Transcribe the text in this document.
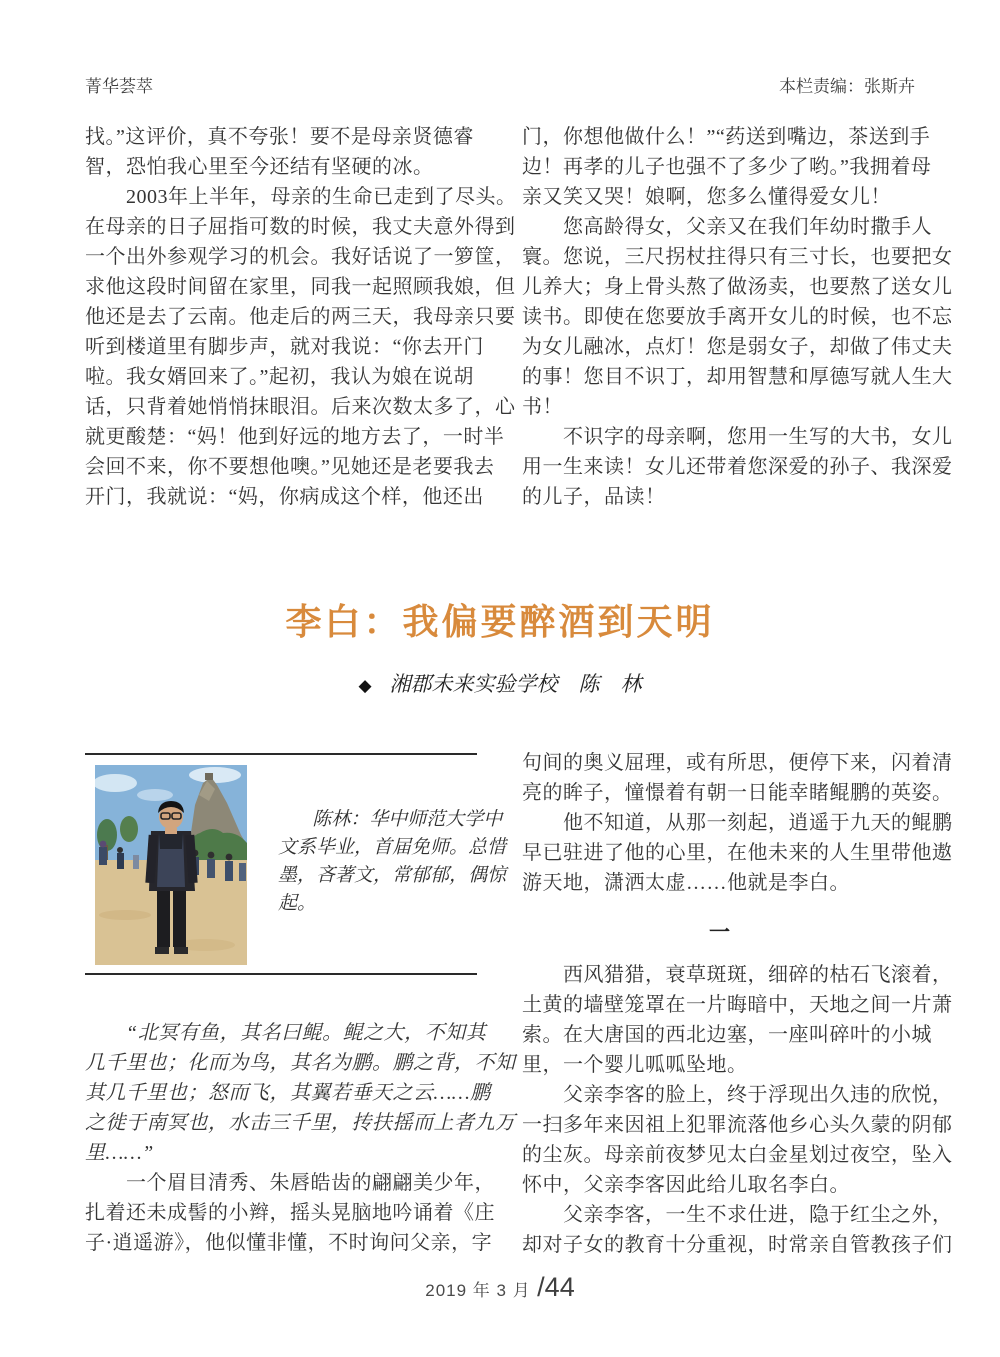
菁华荟萃	本栏责编：张斯卉
找。”这评价，真不夸张！要不是母亲贤德睿
智，恐怕我心里至今还结有坚硬的冰。
　　2003年上半年，母亲的生命已走到了尽头。
在母亲的日子屈指可数的时候，我丈夫意外得到
一个出外参观学习的机会。我好话说了一箩筐，
求他这段时间留在家里，同我一起照顾我娘，但
他还是去了云南。他走后的两三天，我母亲只要
听到楼道里有脚步声，就对我说：“你去开门
啦。我女婿回来了。”起初，我认为娘在说胡
话，只背着她悄悄抹眼泪。后来次数太多了，心
就更酸楚：“妈！他到好远的地方去了，一时半
会回不来，你不要想他噢。”见她还是老要我去
开门，我就说：“妈，你病成这个样，他还出
门，你想他做什么！”“药送到嘴边，茶送到手
边！再孝的儿子也强不了多少了哟。”我拥着母
亲又笑又哭！娘啊，您多么懂得爱女儿！
　　您高龄得女，父亲又在我们年幼时撒手人
寰。您说，三尺拐杖拄得只有三寸长，也要把女
儿养大；身上骨头熬了做汤卖，也要熬了送女儿
读书。即使在您要放手离开女儿的时候，也不忘
为女儿融冰，点灯！您是弱女子，却做了伟丈夫
的事！您目不识丁，却用智慧和厚德写就人生大
书！
　　不识字的母亲啊，您用一生写的大书，女儿
用一生来读！女儿还带着您深爱的孙子、我深爱
的儿子，品读！
李白：我偏要醉酒到天明
◆ 湘郡未来实验学校　陈　林
陈林：华中师范大学中
文系毕业，首届免师。总惜
墨，吝著文，常郁郁，偶惊
起。
　　“北冥有鱼，其名曰鲲。鲲之大，不知其
几千里也；化而为鸟，其名为鹏。鹏之背，不知
其几千里也；怒而飞，其翼若垂天之云……鹏
之徙于南冥也，水击三千里，抟扶摇而上者九万
里……”
　　一个眉目清秀、朱唇皓齿的翩翩美少年，
扎着还未成髻的小辫，摇头晃脑地吟诵着《庄
子·逍遥游》，他似懂非懂，不时询问父亲，字
句间的奥义屈理，或有所思，便停下来，闪着清
亮的眸子，憧憬着有朝一日能幸睹鲲鹏的英姿。
　　他不知道，从那一刻起，逍遥于九天的鲲鹏
早已驻进了他的心里，在他未来的人生里带他遨
游天地，潇洒太虚……他就是李白。
一
　　西风猎猎，衰草斑斑，细碎的枯石飞滚着，
土黄的墙壁笼罩在一片晦暗中，天地之间一片萧
索。在大唐国的西北边塞，一座叫碎叶的小城
里，一个婴儿呱呱坠地。
　　父亲李客的脸上，终于浮现出久违的欣悦，
一扫多年来因祖上犯罪流落他乡心头久蒙的阴郁
的尘灰。母亲前夜梦见太白金星划过夜空，坠入
怀中，父亲李客因此给儿取名李白。
　　父亲李客，一生不求仕进，隐于红尘之外，
却对子女的教育十分重视，时常亲自管教孩子们
2019 年 3 月 /44
